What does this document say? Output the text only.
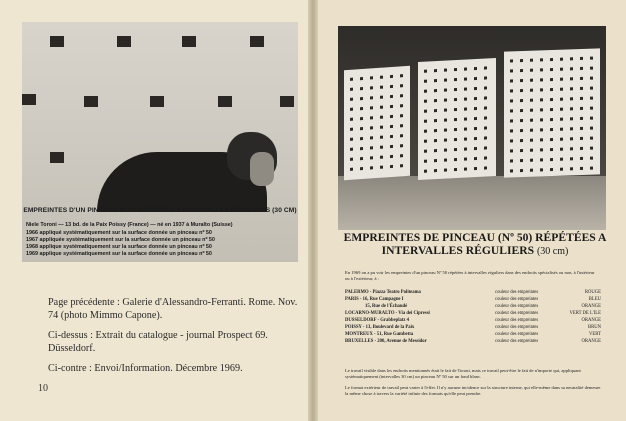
EMPREINTES D'UN PINCEAU Nº 50 RÉPÉTÉES A INTERVALLES RÉGULIERS (30 CM)
Niele Toroni — 13 bd. de la Paix Poissy (France) — né en 1937 à Muralto (Suisse)
1966 appliqué systématiquement sur la surface donnée un pinceau nº 50
1967 appliquée systématiquement sur la surface donnée un pinceau nº 50
1968 applique systématiquement sur la surface donnée un pinceau nº 50
1969 applique systématiquement sur la surface donnée un pinceau nº 50

Page précédente : Galerie d'Alessandro-Ferranti. Rome. Nov. 74 (photo Mimmo Capone).

Ci-dessus : Extrait du catalogue - journal Prospect 69. Düsseldorf.

Ci-contre : Envoi/Information. Décembre 1969.

10
EMPREINTES DE PINCEAU (Nº 50) RÉPÉTÉES A
INTERVALLES RÉGULIERS (30 cm)
En 1969 on a pu voir les empreintes d'un pinceau Nº 50 répétées à intervalles réguliers dans des endroits spécialisés ou non, à l'intérieur ou à l'extérieur, à :
PALERMO - Piazza Teatro Politeama	couleur des empreintes	ROUGE
PARIS - 16, Rue Campagne I	couleur des empreintes	BLEU
15, Rue de l'Échaudé	couleur des empreintes	ORANGE
LOCARNO-MURALTO - Via dei Cipressi	couleur des empreintes	VERT DE L'ILE
DUSSELDORF - Grabbeplatz 4	couleur des empreintes	ORANGE
POISSY - 13, Boulevard de la Paix	couleur des empreintes	BRUN
MONTREUX - 51, Rue Gambetta	couleur des empreintes	VERT
BRUXELLES - 200, Avenue de Messidor	couleur des empreintes	ORANGE
Le travail visible dans les endroits mentionnés était le fait de Toroni, mais ce travail peut-être le fait de n'importe qui, appliquant systématiquement (intervalles 30 cm) un pinceau Nº 50 sur un fond blanc.
Le format extérieur de travail peut varier à l'effet. Il n'y aucune incidence sur la structure interne, qui elle-même dans sa neutralité demeure la même chose à travers la variété infinie des formats qu'elle peut prendre.
